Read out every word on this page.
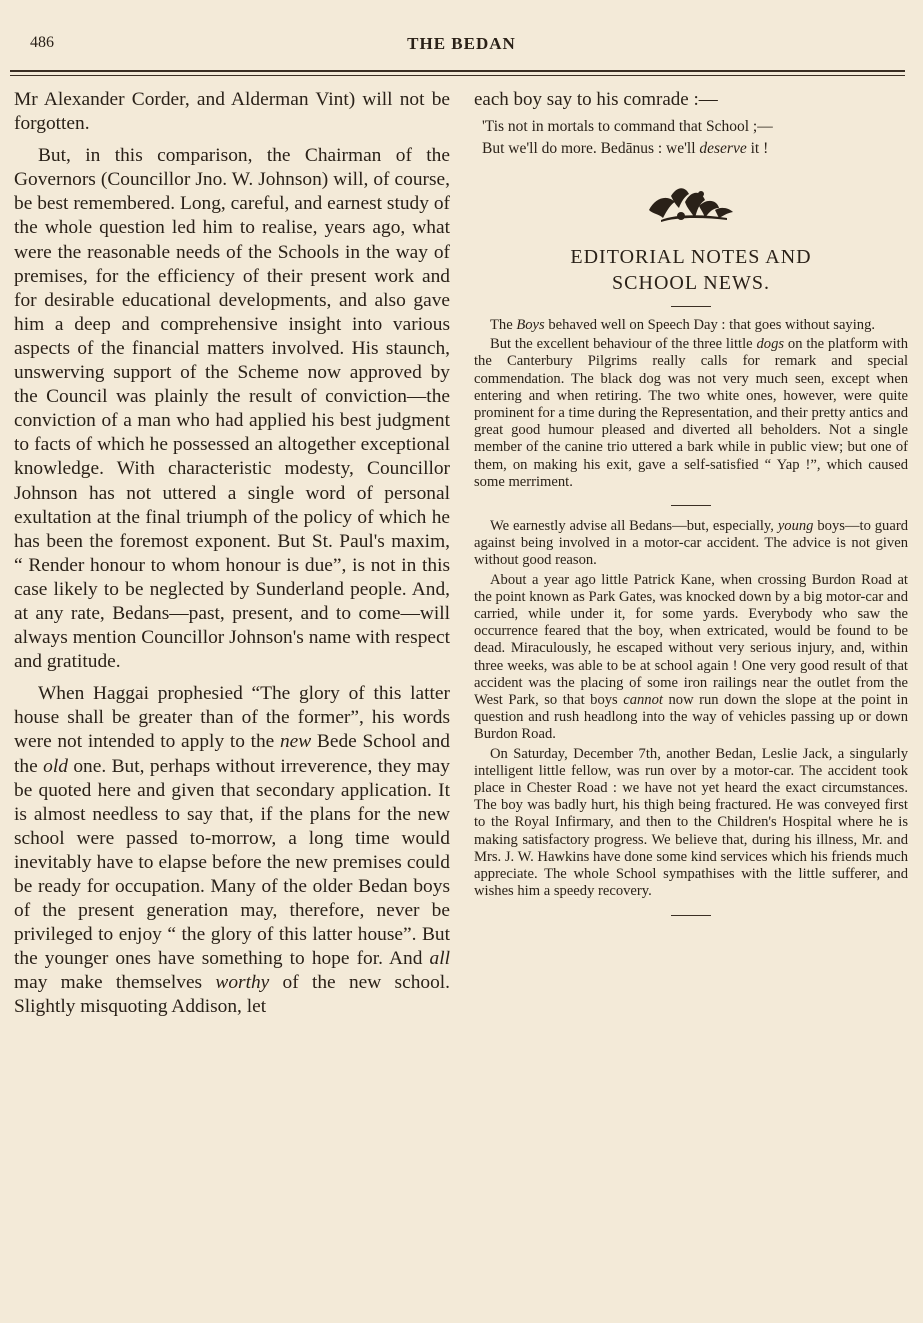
486	THE BEDAN

Mr Alexander Corder, and Alderman Vint) will not be forgotten.

But, in this comparison, the Chairman of the Governors (Councillor Jno. W. Johnson) will, of course, be best remembered. Long, careful, and earnest study of the whole question led him to realise, years ago, what were the reasonable needs of the Schools in the way of premises, for the efficiency of their present work and for desirable educational developments, and also gave him a deep and comprehensive insight into various aspects of the financial matters involved. His staunch, unswerving support of the Scheme now approved by the Council was plainly the result of conviction—the conviction of a man who had applied his best judgment to facts of which he possessed an altogether exceptional knowledge. With characteristic modesty, Councillor Johnson has not uttered a single word of personal exultation at the final triumph of the policy of which he has been the foremost exponent. But St. Paul's maxim, “ Render honour to whom honour is due”, is not in this case likely to be neglected by Sunderland people. And, at any rate, Bedans—past, present, and to come—will always mention Councillor Johnson's name with respect and gratitude.

When Haggai prophesied “The glory of this latter house shall be greater than of the former”, his words were not intended to apply to the new Bede School and the old one. But, perhaps without irreverence, they may be quoted here and given that secondary application. It is almost needless to say that, if the plans for the new school were passed to-morrow, a long time would inevitably have to elapse before the new premises could be ready for occupation. Many of the older Bedan boys of the present generation may, therefore, never be privileged to enjoy “ the glory of this latter house”. But the younger ones have something to hope for. And all may make themselves worthy of the new school. Slightly misquoting Addison, let

each boy say to his comrade :—

'Tis not in mortals to command that School ;—
But we'll do more. Bedānus : we'll deserve it !
EDITORIAL NOTES AND
SCHOOL NEWS.

The Boys behaved well on Speech Day : that goes without saying.

But the excellent behaviour of the three little dogs on the platform with the Canterbury Pilgrims really calls for remark and special commendation. The black dog was not very much seen, except when entering and when retiring. The two white ones, however, were quite prominent for a time during the Representation, and their pretty antics and great good humour pleased and diverted all beholders. Not a single member of the canine trio uttered a bark while in public view; but one of them, on making his exit, gave a self-satisfied “ Yap !”, which caused some merriment.

We earnestly advise all Bedans—but, especially, young boys—to guard against being involved in a motor-car accident. The advice is not given without good reason.

About a year ago little Patrick Kane, when crossing Burdon Road at the point known as Park Gates, was knocked down by a big motor-car and carried, while under it, for some yards. Everybody who saw the occurrence feared that the boy, when extricated, would be found to be dead. Miraculously, he escaped without very serious injury, and, within three weeks, was able to be at school again ! One very good result of that accident was the placing of some iron railings near the outlet from the West Park, so that boys cannot now run down the slope at the point in question and rush headlong into the way of vehicles passing up or down Burdon Road.

On Saturday, December 7th, another Bedan, Leslie Jack, a singularly intelligent little fellow, was run over by a motor-car. The accident took place in Chester Road : we have not yet heard the exact circumstances. The boy was badly hurt, his thigh being fractured. He was conveyed first to the Royal Infirmary, and then to the Children's Hospital where he is making satisfactory progress. We believe that, during his illness, Mr. and Mrs. J. W. Hawkins have done some kind services which his friends much appreciate. The whole School sympathises with the little sufferer, and wishes him a speedy recovery.
